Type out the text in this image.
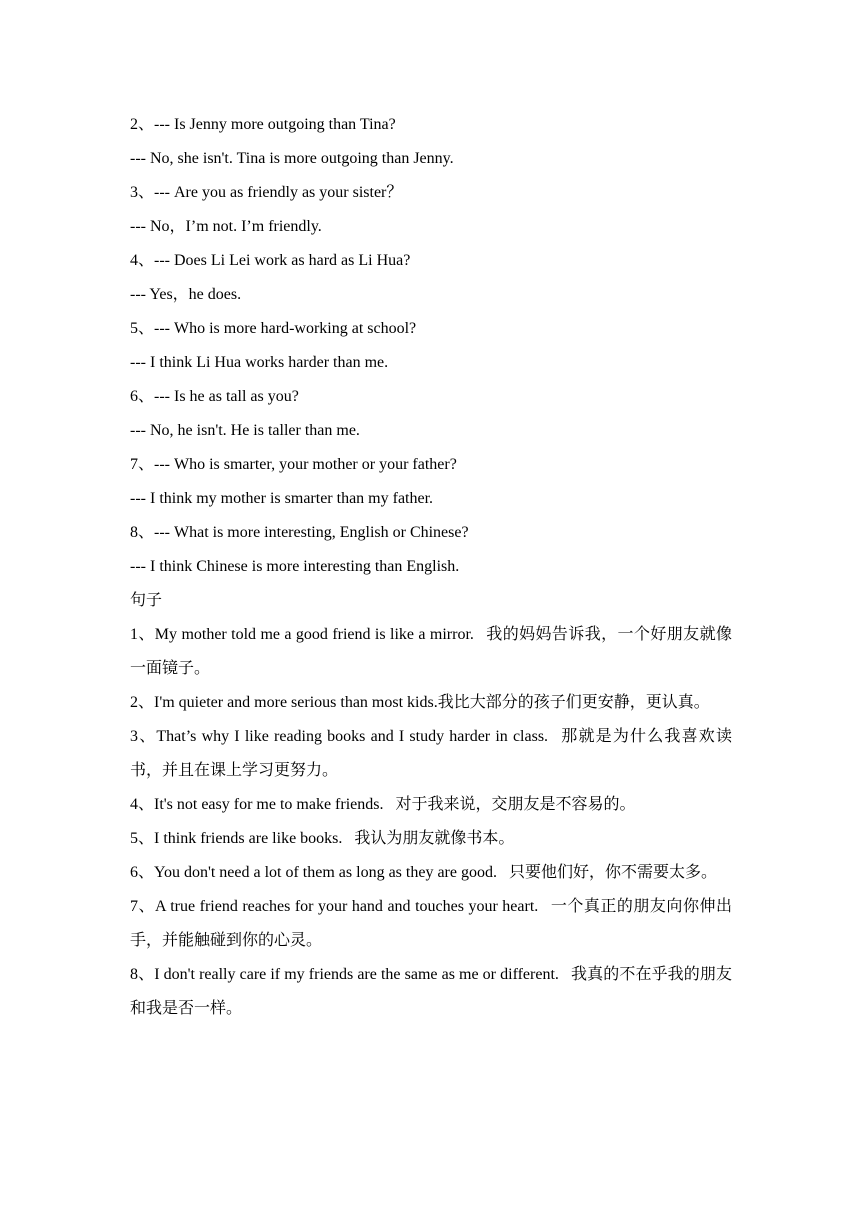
2、--- Is Jenny more outgoing than Tina?
--- No, she isn't. Tina is more outgoing than Jenny.
3、--- Are you as friendly as your sister？
--- No，I’m not. I’m friendly.
4、--- Does Li Lei work as hard as Li Hua?
--- Yes，he does.
5、--- Who is more hard-working at school?
--- I think Li Hua works harder than me.
6、--- Is he as tall as you?
--- No, he isn't. He is taller than me.
7、--- Who is smarter, your mother or your father?
--- I think my mother is smarter than my father.
8、--- What is more interesting, English or Chinese?
--- I think Chinese is more interesting than English.
句子
1、My mother told me a good friend is like a mirror. 我的妈妈告诉我，一个好朋友就像一面镜子。
2、I'm quieter and more serious than most kids.我比大部分的孩子们更安静，更认真。
3、That’s why I like reading books and I study harder in class. 那就是为什么我喜欢读书，并且在课上学习更努力。
4、It's not easy for me to make friends. 对于我来说，交朋友是不容易的。
5、I think friends are like books. 我认为朋友就像书本。
6、You don't need a lot of them as long as they are good. 只要他们好，你不需要太多。
7、A true friend reaches for your hand and touches your heart. 一个真正的朋友向你伸出手，并能触碰到你的心灵。
8、I don't really care if my friends are the same as me or different. 我真的不在乎我的朋友和我是否一样。
